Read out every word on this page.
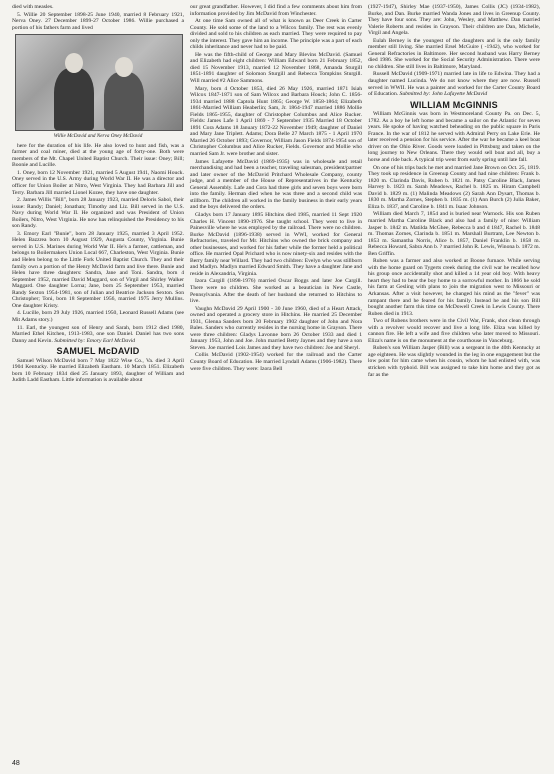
died with measles.

5. Willie 20 September 1898-25 June 1940, married 8 February 1921, Nerva Oney. 27 December 1899-27 October 1986. Willie purchased a portion of his fathers farm and lived

Willie McDavid and Nerva Oney McDavid

here for the duration of his life. He also loved to hunt and fish, was a farmer and coal miner, died at the young age of forty-one. Both were members of the Mt. Chapel United Baptist Church. Their issue: Oney; Bill; Boonie and Lucille.

1. Oney, born 12 November 1921, married 5 August 1941, Naomi Houck. Oney served in the U.S. Army during World War II. He was a director and officer for Union Boiler at Nitro, West Virginia. They had Barbara Jill and Terry. Barbara Jill married Lionel Kozee, they have one daughter.

2. James Willis "Bill", born 28 January 1923, married Deloris Sabol, their issue: Randy; Daniel; Jonathan; Timothy and Liz. Bill served in the U.S. Navy during World War II. He organized and was President of Union Boilers, Nitro, West Virginia. He now has relinquished the Presidency to his son Randy.

3. Emory Earl "Bunie", born 28 January 1925, married 3 April 1952. Helen Bazzrea born 10 August 1929, Augusta County, Virginia. Bunie served in U.S. Marines during World War II. He's a farmer, cattleman, and belongs to Boilermakers Union Local 667, Charleston, West Virginia. Bunie and Helen belong to the Little Fork United Baptist Church. They and their family own a portion of the Henry McDavid farm and live there. Bunie and Helen have three daughters: Sandra, Jane and Toni. Sandra, born 4 September 1952, married David Maggard, son of Virgil and Shirley Walker Maggard. One daughter Lorna; Jane, born 25 September 1953, married Randy Sexton 1954-1981, son of Julian and Beatrice Jackson Sexton. Son Christopher; Toni, born 18 September 1956, married 1975 Jerry Mullins. One daughter Kristy.

4. Lucille, born 29 July 1926, married 1950, Leonard Russell Adams (see Mit Adams story.)

11. Earl, the youngest son of Henry and Sarah, born 1912 died 1980, Married Ethel Kitchen, 1913-1983, one son Daniel. Daniel has two sons Danny and Kevin. Submitted by: Emory Earl McDavid

SAMUEL McDAVID

Samuel Wilson McDavid born 7 May 1822 Wise Co., Va. died 3 April 1904 Kentucky. He married Elizabeth Eastham. 10 March 1851. Elizabeth born 10 February 1834 died 25 January 1893, daughter of William and Judith Ladd Eastham. Little information is available about

our great grandfather. However, I did find a few comments about him from information provided by Jim McDavid from Winchester.

At one time Sam owned all of what is known as Deer Creek in Carter County. He sold some of the land to a Wilcox family. The rest was evenly divided and sold to his children as each married. They were required to pay only the interest. They gave him an income. The principle was a part of each childs inheritance and never had to be paid.

He was the fifth-child of George and Mary Blevins McDavid. (Samuel and Elizabeth had eight children: William Edward born 21 February 1852, died 15 November 1913, married 12 November 1868, Amanda Sturgill 1851-1891 daughter of Solomon Sturgill and Rebecca Tompkins Sturgill. Will married #2 Alice Sammons.

Mary, born 4 October 1853, died 26 May 1926, married 1871 Isiah Wilcox 1847-1871 son of Sam Wilcox and Barbara Houck; John C. 1856-1934 married 1888 Captola Hunt 1865; George W. 1858-1864; Elizabeth 1861-Married William Heaberlin; Sam, Jr. 1864-1947 married 1886 Mollie Fields 1865-1955, daughter of Christopher Columbus and Alice Rucker. Fields: James Lafe 1 April 1869 - 7 September 1935 Married 18 October 1891 Cora Adams 18 January 1872-22 November 1949; daughter of Daniel and Mary Jane Triplett. Adams; Dora Belle 27 March 1875 - 1 April 1970 Married 26 October 1893; Governor, William Jason Fields 1874-1954 son of Christopher Columbus and Alice Rucker, Fields. Governor and Mollie who married Sam Jr. were brother and sister.

James Lafayette McDavid (1869-1935) was in wholesale and retail merchandising and had been a teacher, traveling salesman, president/partner and later owner of the McDavid Pritchard Wholesale Company, county judge, and a member of the House of Representatives in the Kentucky General Assembly. Lafe and Cora had three girls and seven boys were born into the family. Herman died when he was three and a second child was stillborn. The children all worked in the family business in their early years and the boys delivered the orders.

Gladys born 17 January 1895 Hitchins died 1985, married 11 Sept 1920 Charles H. Vincent 1890-1976. She taught school. They went to live in Painesville where he was employed by the railroad. There were no children. Burke McDavid (1896-1938) served in WWI, worked for General Refractories, traveled for Mr. Hitchins who owned the brick company and other businesses, and worked for his father while the former held a political office. He married Opal Prichard who is now ninety-six and resides with the Berry family near Willard. They had two children: Evelyn who was stillborn and Madlyn. Madlyn married Edward Smith. They have a daughter Jane and reside in Alexandria, Virginia.

Izora Cargill (1898-1976) married Oscar Boggs and later Joe Cargill. There were no children. She worked as a beautician in New Castle, Pennsylvania. After the death of her husband she returned to Hitchins to live.

Vaughn McDavid 29 April 1900 - 30 June 1960, died of a Heart Attack, owned and operated a grocery store in Hitchins. He married 25 December 1931, Glenna Sanders born 20 February 1902 daughter of John and Nora Bales. Sanders who currently resides in the nursing home in Grayson. There were three children: Gladys Lavonne born 26 October 1933 and died 1 January 1953, John and Joe. John married Betty Jaynes and they have a son Steven. Joe married Lois James and they have two children: Joe and Sheryl.

Collis McDavid (1902-1954) worked for the railroad and the Carter County Board of Education. He married Lyndall Adams (1906-1982). There were five children. They were: Izora Bell

(1927-1947), Shirley Mae (1937-1950), James Collis (JC) (1934-1982), Burke, and Dan. Burke married Wanda Jones and lives in Greenup County. They have four sons. They are: John, Wesley, and Matthew. Dan married Valerie Roberts and resides in Grayson. Their children are Dan, Michelle, Virgil and Angela.

Eulah Berney is the youngest of the daughters and is the only family member still living. She married Ersel McGuire ( -1942), who worked for General Refractories in Baltimore. Her second husband was Harry Berney died 1986. She worked for the Social Security Administration. There were no children. She still lives in Baltimore, Maryland.

Russell McDavid (1909-1971) married late in life to Edwina. They had a daughter named Lucinda. We do not know where they are now. Russell served in WWII. He was a painter and worked for the Carter County Board of Education. Submitted by: John Lafayette McDavid

WILLIAM McGINNIS

William McGinnis was born in Westmoreland County Pa. on Dec. 5, 1782. As a boy he left home and became a sailor on the Atlantic for seven years. He spoke of having watched beheading on the public square in Paris France. In the war of 1812 he served with Admiral Perry on Lake Erie. He later received a pension for his service. After the war he became a keel boat driver on the Ohio River. Goods were loaded in Pittsburg and taken on the long journey to New Orleans. There they would sell boat and all, buy a horse and ride back. A typical trip went from early spring until late fall.

On one of his trips back he met and married Jane Brown on Oct. 25, 1819. They took up residence in Greenup County and had nine children: Frank b. 1820 m. Clarinda Davis, Ruben b. 1821 m. Patsy Caroline Black, James Harvey b. 1823 m. Sarah Meadows, Rachel b. 1825 m. Hiram Campbell David b. 1829 m. (1) Malinda Meadows (2) Sarah Ann Dysart, Thomas b. 1830 m. Martha Zornes, Stephen b. 1835 m. (1) Ann Burch (2) Julia Baker, Eliza b. 1837, and Caroline b. 1841 m. Isaac Johnson.

William died March 7, 1854 and is buried near Warnock. His son Ruben married Martha Caroline Black and also had a family of nine: William Jasper b. 1842 m. Matilda McGhee, Rebecca b and d 1847, Rachel b. 1848 m. Thomas Zornes, Clarinda b. 1851 m. Marshall Burtram, Lee Newton b. 1853 m. Samantha Norris, Alice b. 1857, Daniel Franklin b. 1858 m. Rebecca Howard, Sabra Ann b. ? married John R. Lewis, Winona b. 1872 m. Ben Griffin.

Ruben was a farmer and also worked at Boone furnace. While serving with the home guard on Tygerts creek during the civil war he recalled how his group once accidentally shot and killed a 14 year old boy. With heavy heart they had to bear the boy home to a sorrowful mother. In 1866 he sold his farm at Gesling with plans to join the migration west to Missouri or Arkansas. After a visit however, he changed his mind as the "fever" was rampant there and he feared for his family. Instead he and his son Bill bought another farm this time on McDowell Creek in Lewis County. There Ruben died in 1913.

Two of Rubens brothers were in the Civil War, Frank, shot clean through with a revolver would recover and live a long life. Eliza was killed by cannon fire. He left a wife and five children who later moved to Missouri. Eliza's name is on the monument at the courthouse in Vanceburg.

Ruben's son William Jasper (Bill) was a sergeant in the 40th Kentucky at age eighteen. He was slightly wounded in the leg in one engagement but the low point for him came when his cousin, whom he had enlisted with, was stricken with typhoid. Bill was assigned to take him home and they got as far as the

48
